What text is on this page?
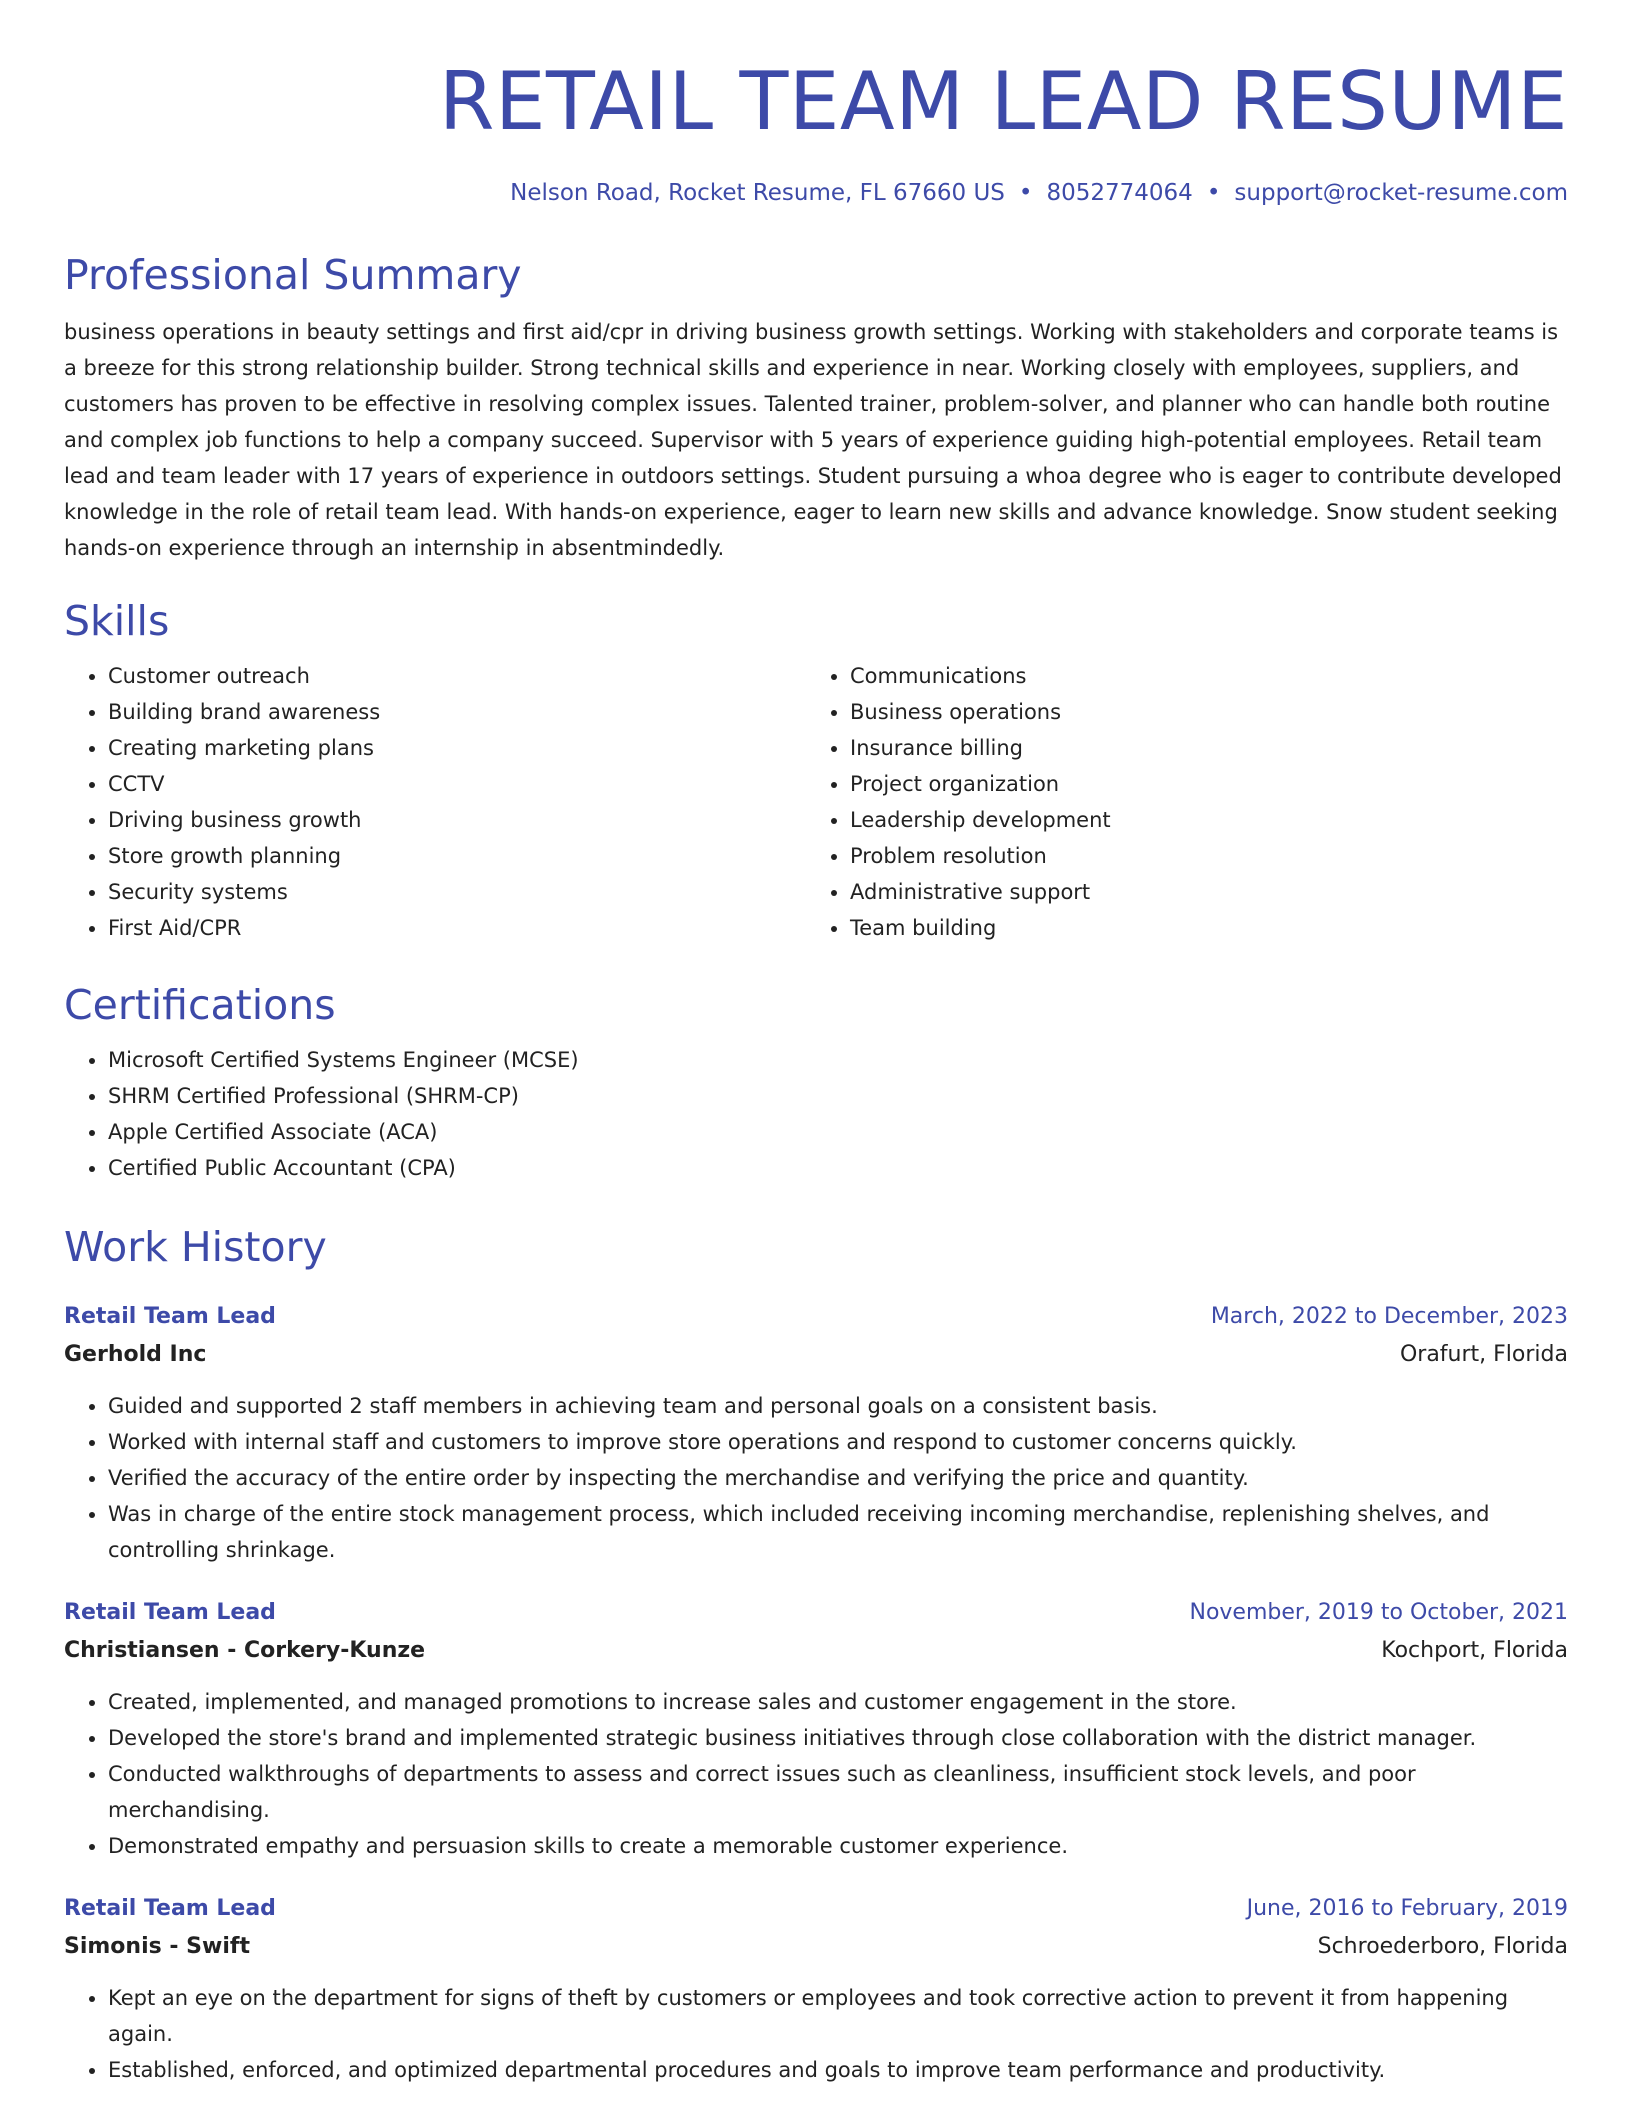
RETAIL TEAM LEAD RESUME
Nelson Road, Rocket Resume, FL 67660 US • 8052774064 • support@rocket-resume.com
Professional Summary

business operations in beauty settings and first aid/cpr in driving business growth settings. Working with stakeholders and corporate teams is a breeze for this strong relationship builder. Strong technical skills and experience in near. Working closely with employees, suppliers, and customers has proven to be effective in resolving complex issues. Talented trainer, problem-solver, and planner who can handle both routine and complex job functions to help a company succeed. Supervisor with 5 years of experience guiding high-potential employees. Retail team lead and team leader with 17 years of experience in outdoors settings. Student pursuing a whoa degree who is eager to contribute developed knowledge in the role of retail team lead. With hands-on experience, eager to learn new skills and advance knowledge. Snow student seeking hands-on experience through an internship in absentmindedly.

Skills
• Customer outreach
• Building brand awareness
• Creating marketing plans
• CCTV
• Driving business growth
• Store growth planning
• Security systems
• First Aid/CPR
• Communications
• Business operations
• Insurance billing
• Project organization
• Leadership development
• Problem resolution
• Administrative support
• Team building
Certifications
• Microsoft Certified Systems Engineer (MCSE)
• SHRM Certified Professional (SHRM-CP)
• Apple Certified Associate (ACA)
• Certified Public Accountant (CPA)
Work History
Retail Team Lead	March, 2022 to December, 2023
Gerhold Inc	Orafurt, Florida
• Guided and supported 2 staff members in achieving team and personal goals on a consistent basis.
• Worked with internal staff and customers to improve store operations and respond to customer concerns quickly.
• Verified the accuracy of the entire order by inspecting the merchandise and verifying the price and quantity.
• Was in charge of the entire stock management process, which included receiving incoming merchandise, replenishing shelves, and controlling shrinkage.
Retail Team Lead	November, 2019 to October, 2021
Christiansen - Corkery-Kunze	Kochport, Florida
• Created, implemented, and managed promotions to increase sales and customer engagement in the store.
• Developed the store's brand and implemented strategic business initiatives through close collaboration with the district manager.
• Conducted walkthroughs of departments to assess and correct issues such as cleanliness, insufficient stock levels, and poor merchandising.
• Demonstrated empathy and persuasion skills to create a memorable customer experience.
Retail Team Lead	June, 2016 to February, 2019
Simonis - Swift	Schroederboro, Florida
• Kept an eye on the department for signs of theft by customers or employees and took corrective action to prevent it from happening again.
• Established, enforced, and optimized departmental procedures and goals to improve team performance and productivity.
